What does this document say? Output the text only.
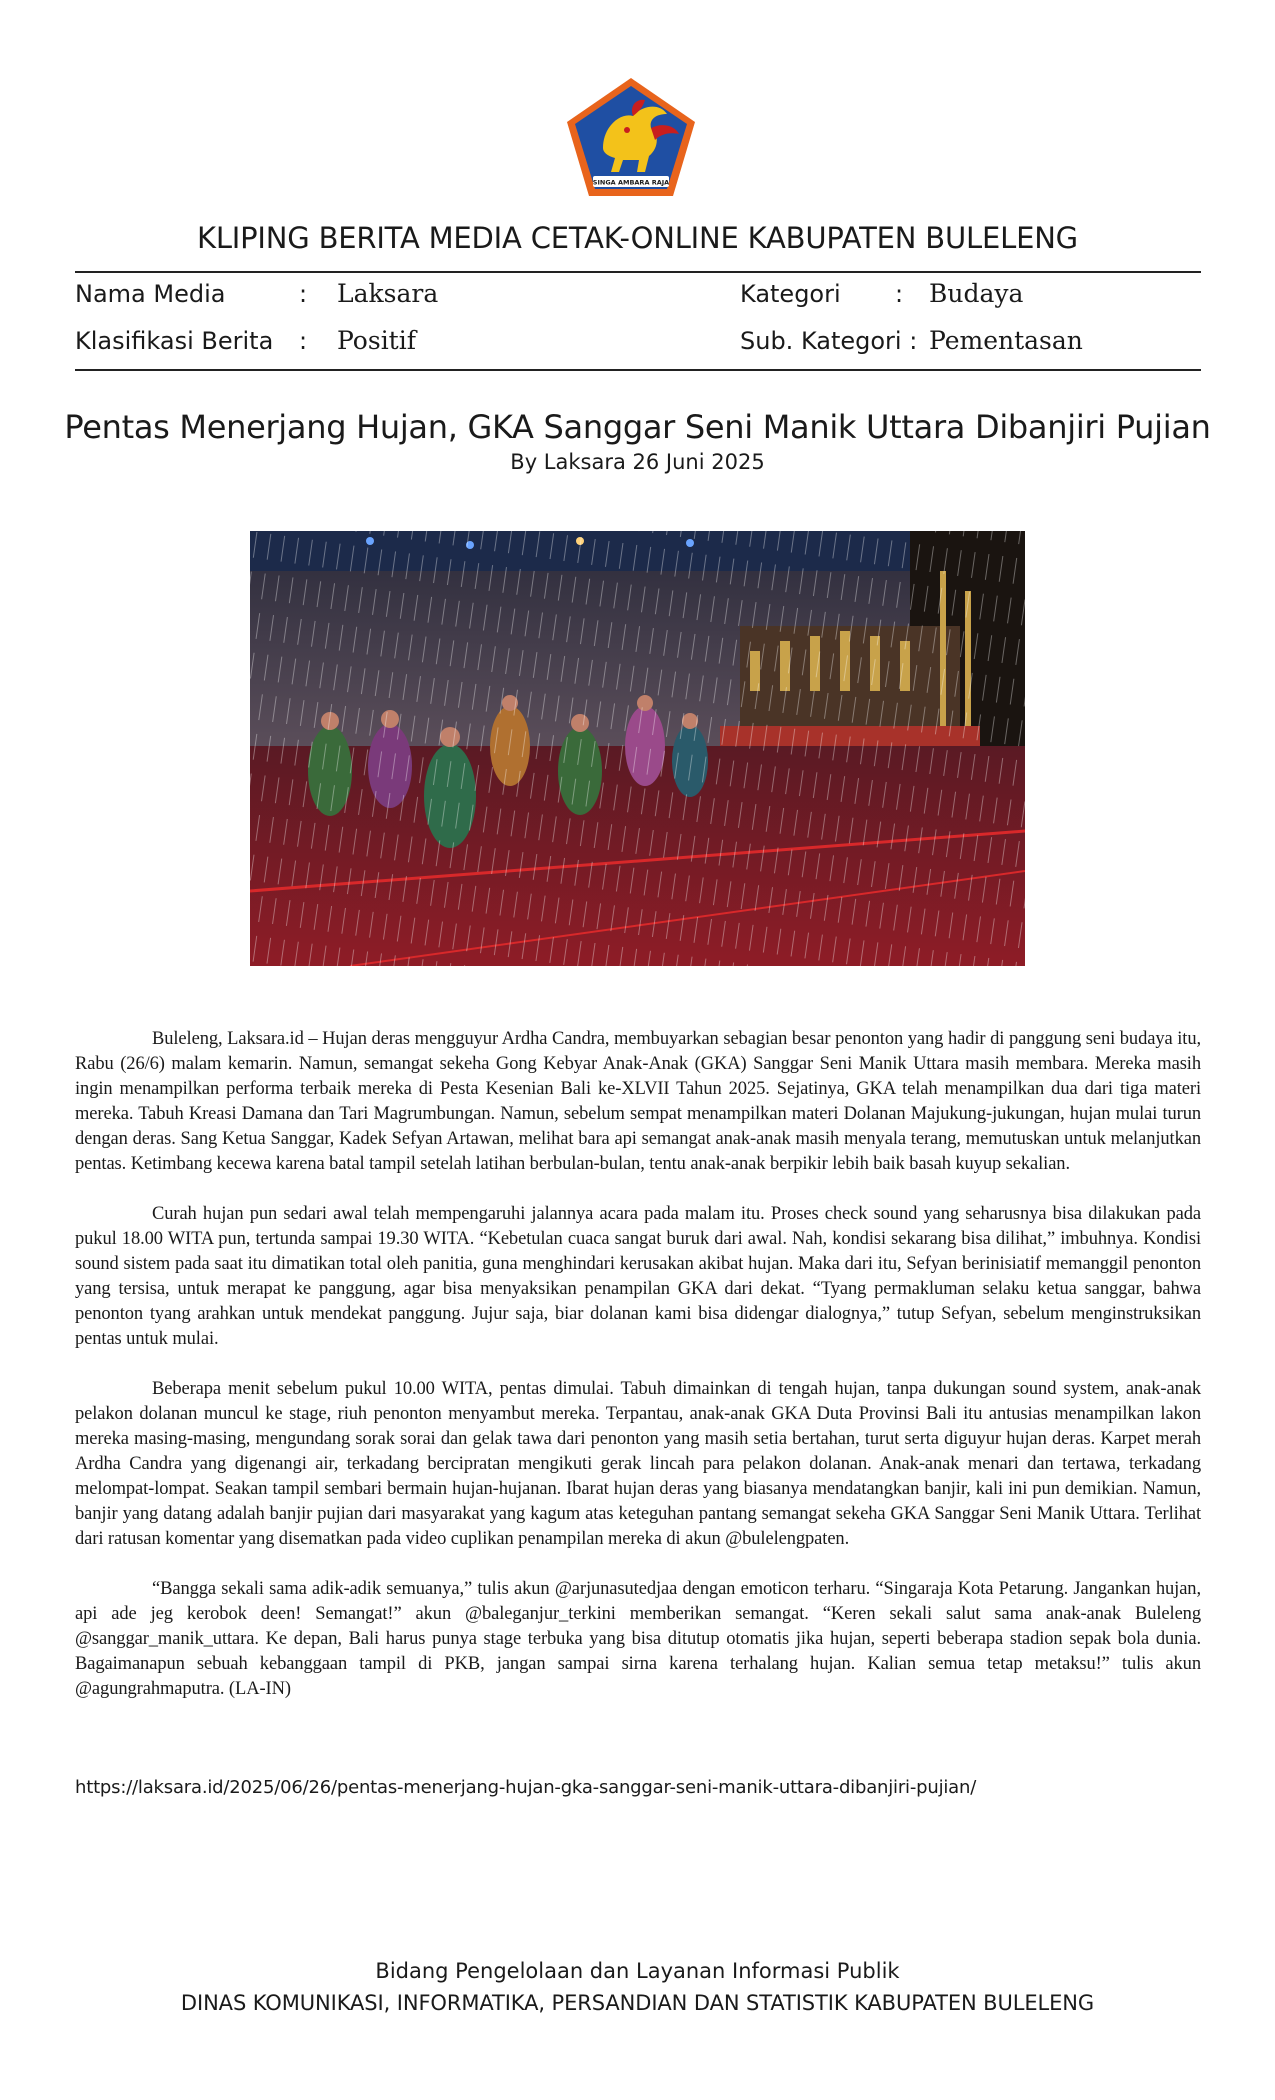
SINGA AMBARA RAJA
KLIPING BERITA MEDIA CETAK-ONLINE KABUPATEN BULELENG
Nama Media	: Laksara
Klasifikasi Berita : Positif
Kategori : Budaya
Sub. Kategori : Pementasan
Pentas Menerjang Hujan, GKA Sanggar Seni Manik Uttara Dibanjiri Pujian
By Laksara 26 Juni 2025

Buleleng, Laksara.id – Hujan deras mengguyur Ardha Candra, membuyarkan sebagian besar penonton yang hadir di panggung seni budaya itu, Rabu (26/6) malam kemarin. Namun, semangat sekeha Gong Kebyar Anak-Anak (GKA) Sanggar Seni Manik Uttara masih membara. Mereka masih ingin menampilkan performa terbaik mereka di Pesta Kesenian Bali ke-XLVII Tahun 2025. Sejatinya, GKA telah menampilkan dua dari tiga materi mereka. Tabuh Kreasi Damana dan Tari Magrumbungan. Namun, sebelum sempat menampilkan materi Dolanan Majukung-jukungan, hujan mulai turun dengan deras. Sang Ketua Sanggar, Kadek Sefyan Artawan, melihat bara api semangat anak-anak masih menyala terang, memutuskan untuk melanjutkan pentas. Ketimbang kecewa karena batal tampil setelah latihan berbulan-bulan, tentu anak-anak berpikir lebih baik basah kuyup sekalian.

Curah hujan pun sedari awal telah mempengaruhi jalannya acara pada malam itu. Proses check sound yang seharusnya bisa dilakukan pada pukul 18.00 WITA pun, tertunda sampai 19.30 WITA. “Kebetulan cuaca sangat buruk dari awal. Nah, kondisi sekarang bisa dilihat,” imbuhnya. Kondisi sound sistem pada saat itu dimatikan total oleh panitia, guna menghindari kerusakan akibat hujan. Maka dari itu, Sefyan berinisiatif memanggil penonton yang tersisa, untuk merapat ke panggung, agar bisa menyaksikan penampilan GKA dari dekat. “Tyang permakluman selaku ketua sanggar, bahwa penonton tyang arahkan untuk mendekat panggung. Jujur saja, biar dolanan kami bisa didengar dialognya,” tutup Sefyan, sebelum menginstruksikan pentas untuk mulai.

Beberapa menit sebelum pukul 10.00 WITA, pentas dimulai. Tabuh dimainkan di tengah hujan, tanpa dukungan sound system, anak-anak pelakon dolanan muncul ke stage, riuh penonton menyambut mereka. Terpantau, anak-anak GKA Duta Provinsi Bali itu antusias menampilkan lakon mereka masing-masing, mengundang sorak sorai dan gelak tawa dari penonton yang masih setia bertahan, turut serta diguyur hujan deras. Karpet merah Ardha Candra yang digenangi air, terkadang bercipratan mengikuti gerak lincah para pelakon dolanan. Anak-anak menari dan tertawa, terkadang melompat-lompat. Seakan tampil sembari bermain hujan-hujanan. Ibarat hujan deras yang biasanya mendatangkan banjir, kali ini pun demikian. Namun, banjir yang datang adalah banjir pujian dari masyarakat yang kagum atas keteguhan pantang semangat sekeha GKA Sanggar Seni Manik Uttara. Terlihat dari ratusan komentar yang disematkan pada video cuplikan penampilan mereka di akun @bulelengpaten.

“Bangga sekali sama adik-adik semuanya,” tulis akun @arjunasutedjaa dengan emoticon terharu. “Singaraja Kota Petarung. Jangankan hujan, api ade jeg kerobok deen! Semangat!” akun @baleganjur_terkini memberikan semangat. “Keren sekali salut sama anak-anak Buleleng @sanggar_manik_uttara. Ke depan, Bali harus punya stage terbuka yang bisa ditutup otomatis jika hujan, seperti beberapa stadion sepak bola dunia. Bagaimanapun sebuah kebanggaan tampil di PKB, jangan sampai sirna karena terhalang hujan. Kalian semua tetap metaksu!” tulis akun @agungrahmaputra. (LA-IN)

https://laksara.id/2025/06/26/pentas-menerjang-hujan-gka-sanggar-seni-manik-uttara-dibanjiri-pujian/
Bidang Pengelolaan dan Layanan Informasi Publik
DINAS KOMUNIKASI, INFORMATIKA, PERSANDIAN DAN STATISTIK KABUPATEN BULELENG
